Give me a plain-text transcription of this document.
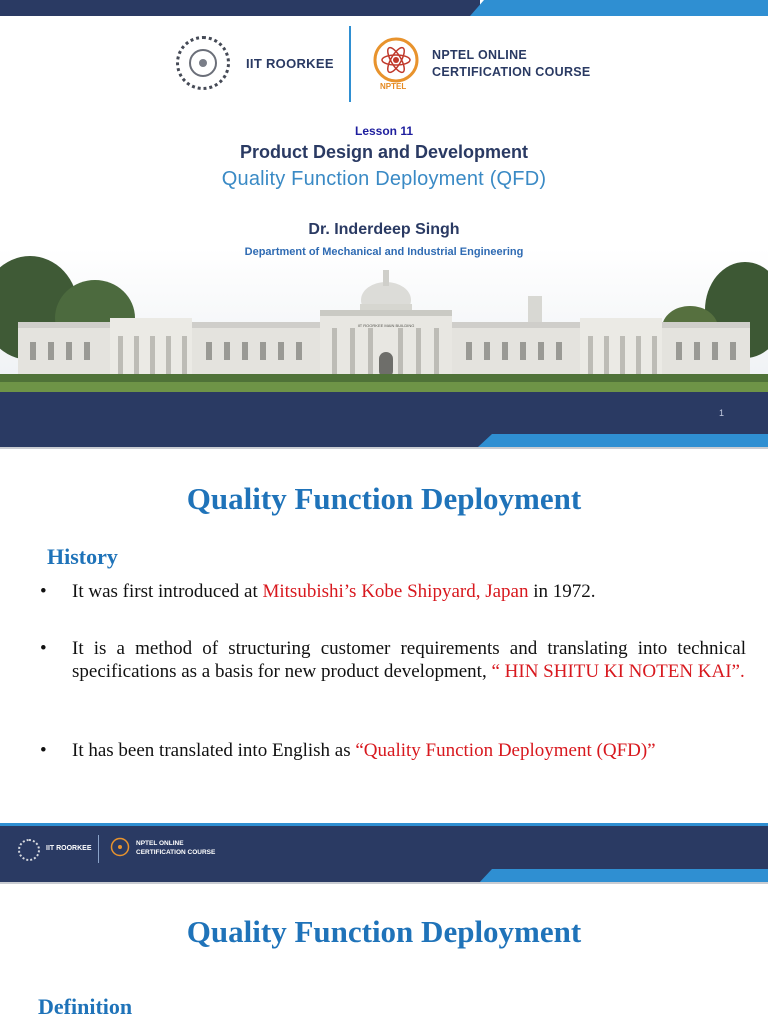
IIT ROORKEE
NPTEL
NPTEL ONLINE
CERTIFICATION COURSE
Lesson 11
Product Design and Development
Quality Function Deployment (QFD)
IIT ROORKEE MAIN BUILDING
Dr. Inderdeep Singh
Department of Mechanical and Industrial Engineering
1
Quality Function Deployment
History
• It was first introduced at Mitsubishi’s Kobe Shipyard, Japan in 1972.
• It is a method of structuring customer requirements and translating into technical specifications as a basis for new product development, “ HIN SHITU KI NOTEN KAI”.
• It has been translated into English as “Quality Function Deployment (QFD)”
IIT ROORKEE
NPTEL ONLINE
CERTIFICATION COURSE
Quality Function Deployment
Definition
